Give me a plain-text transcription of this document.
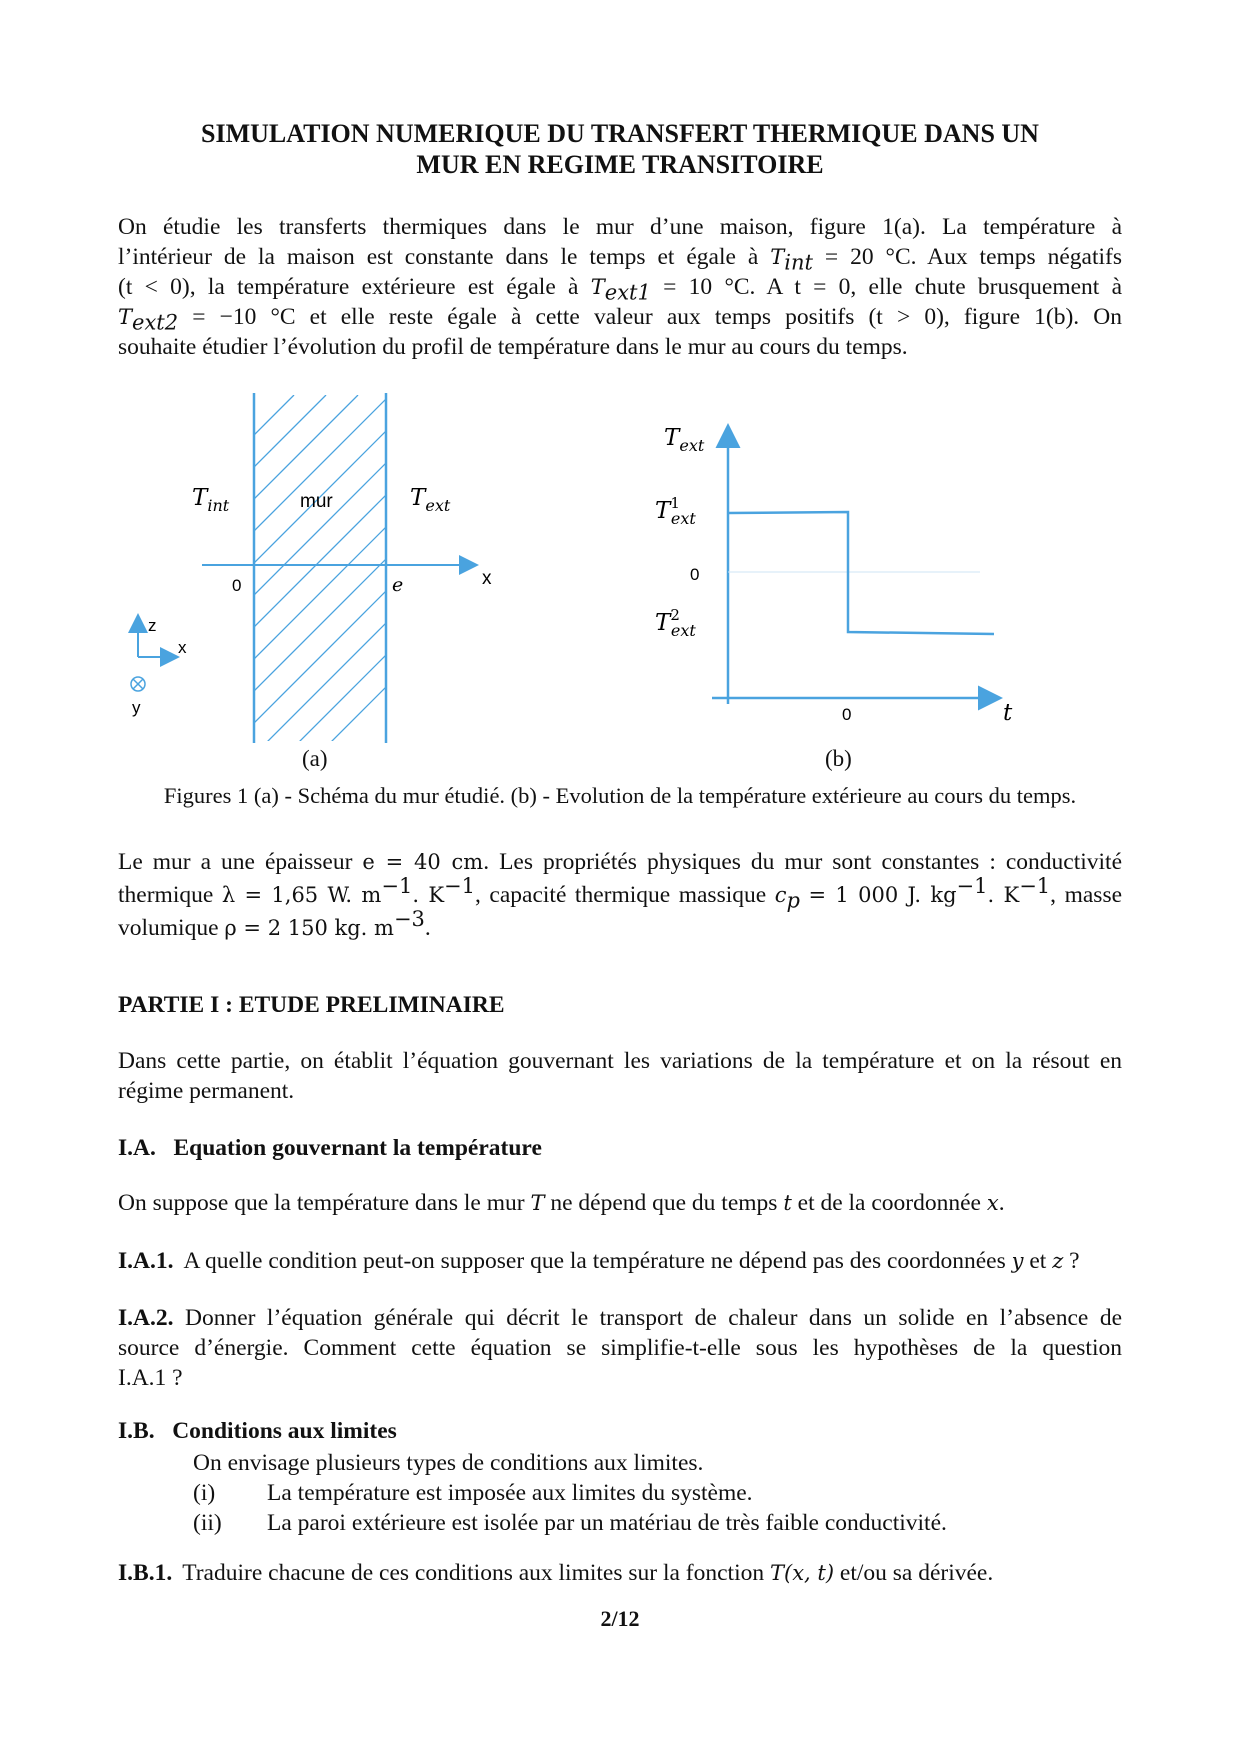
SIMULATION NUMERIQUE DU TRANSFERT THERMIQUE DANS UN
MUR EN REGIME TRANSITOIRE
On étudie les transferts thermiques dans le mur d’une maison, figure 1(a). La température à
l’intérieur de la maison est constante dans le temps et égale à $T_{int} = 20$ °C. Aux temps négatifs
(t < 0), la température extérieure est égale à $T_{ext1} = 10$ °C. A t = 0, elle chute brusquement à
$T_{ext2} = -10$ °C et elle reste égale à cette valeur aux temps positifs (t > 0), figure 1(b). On
souhaite étudier l’évolution du profil de température dans le mur au cours du temps.
$T_{int}$	mur	$T_{ext}$
0	e	x
z
x
y
(a)
$T_{ext}$
$T^1$ ext
0
$T^2$ ext
0	t
(b)
Figures 1 (a) - Schéma du mur étudié. (b) - Evolution de la température extérieure au cours du temps.
Le mur a une épaisseur e = 40 cm. Les propriétés physiques du mur sont constantes : conductivité
thermique λ = 1,65 W. $m^{-1}$. $K^{-1}$, capacité thermique massique $c_p = 1$ 000 J. $kg^{-1}$. $K^{-1}$, masse
volumique ρ = 2 150 kg. $m^{-3}$.
PARTIE I : ETUDE PRELIMINAIRE
Dans cette partie, on établit l’équation gouvernant les variations de la température et on la résout en
régime permanent.
I.A.   Equation gouvernant la température
On suppose que la température dans le mur T ne dépend que du temps t et de la coordonnée x.
I.A.1. A quelle condition peut-on supposer que la température ne dépend pas des coordonnées y et z ?
I.A.2. Donner l’équation générale qui décrit le transport de chaleur dans un solide en l’absence de
source d’énergie. Comment cette équation se simplifie-t-elle sous les hypothèses de la question
I.A.1 ?
I.B.   Conditions aux limites
On envisage plusieurs types de conditions aux limites.
(i) La température est imposée aux limites du système.
(ii) La paroi extérieure est isolée par un matériau de très faible conductivité.
I.B.1. Traduire chacune de ces conditions aux limites sur la fonction T(x, t) et/ou sa dérivée.
2/12
